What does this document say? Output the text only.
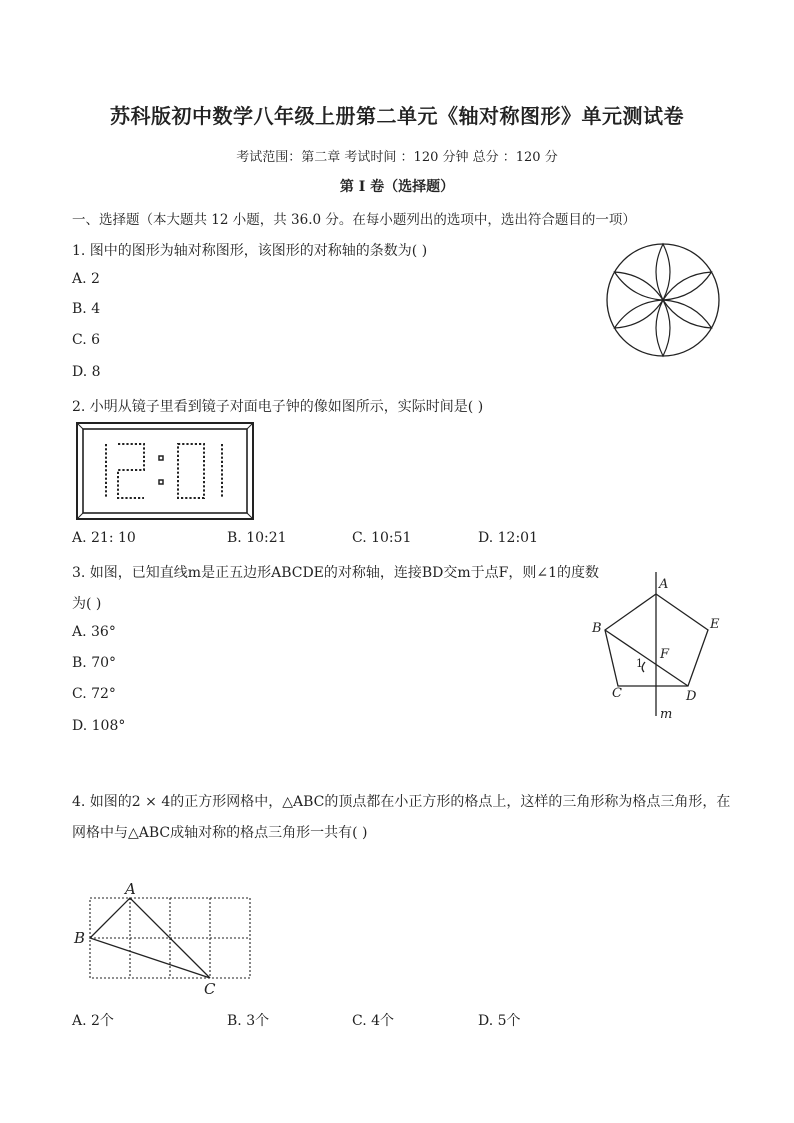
苏科版初中数学八年级上册第二单元《轴对称图形》单元测试卷
考试范围：第二章 考试时间 ：120 分钟 总分 ：120 分
第 I 卷（选择题）
一、选择题（本大题共 12 小题，共 36.0 分。在每小题列出的选项中，选出符合题目的一项）
1. 图中的图形为轴对称图形，该图形的对称轴的条数为( )
A. 2
B. 4
C. 6
D. 8
2. 小明从镜子里看到镜子对面电子钟的像如图所示，实际时间是( )
A. 21: 10	B. 10:21	C. 10:51	D. 12:01
3. 如图，已知直线m是正五边形ABCDE的对称轴，连接BD交m于点F，则∠1的度数
为( )
A. 36°
B. 70°
C. 72°
D. 108°
A
B	E
F
1
C	D
m
4. 如图的2 × 4的正方形网格中，△ABC的顶点都在小正方形的格点上，这样的三角形称为格点三角形，在
网格中与△ABC成轴对称的格点三角形一共有( )
A
B
C
A. 2个	B. 3个	C. 4个	D. 5个
